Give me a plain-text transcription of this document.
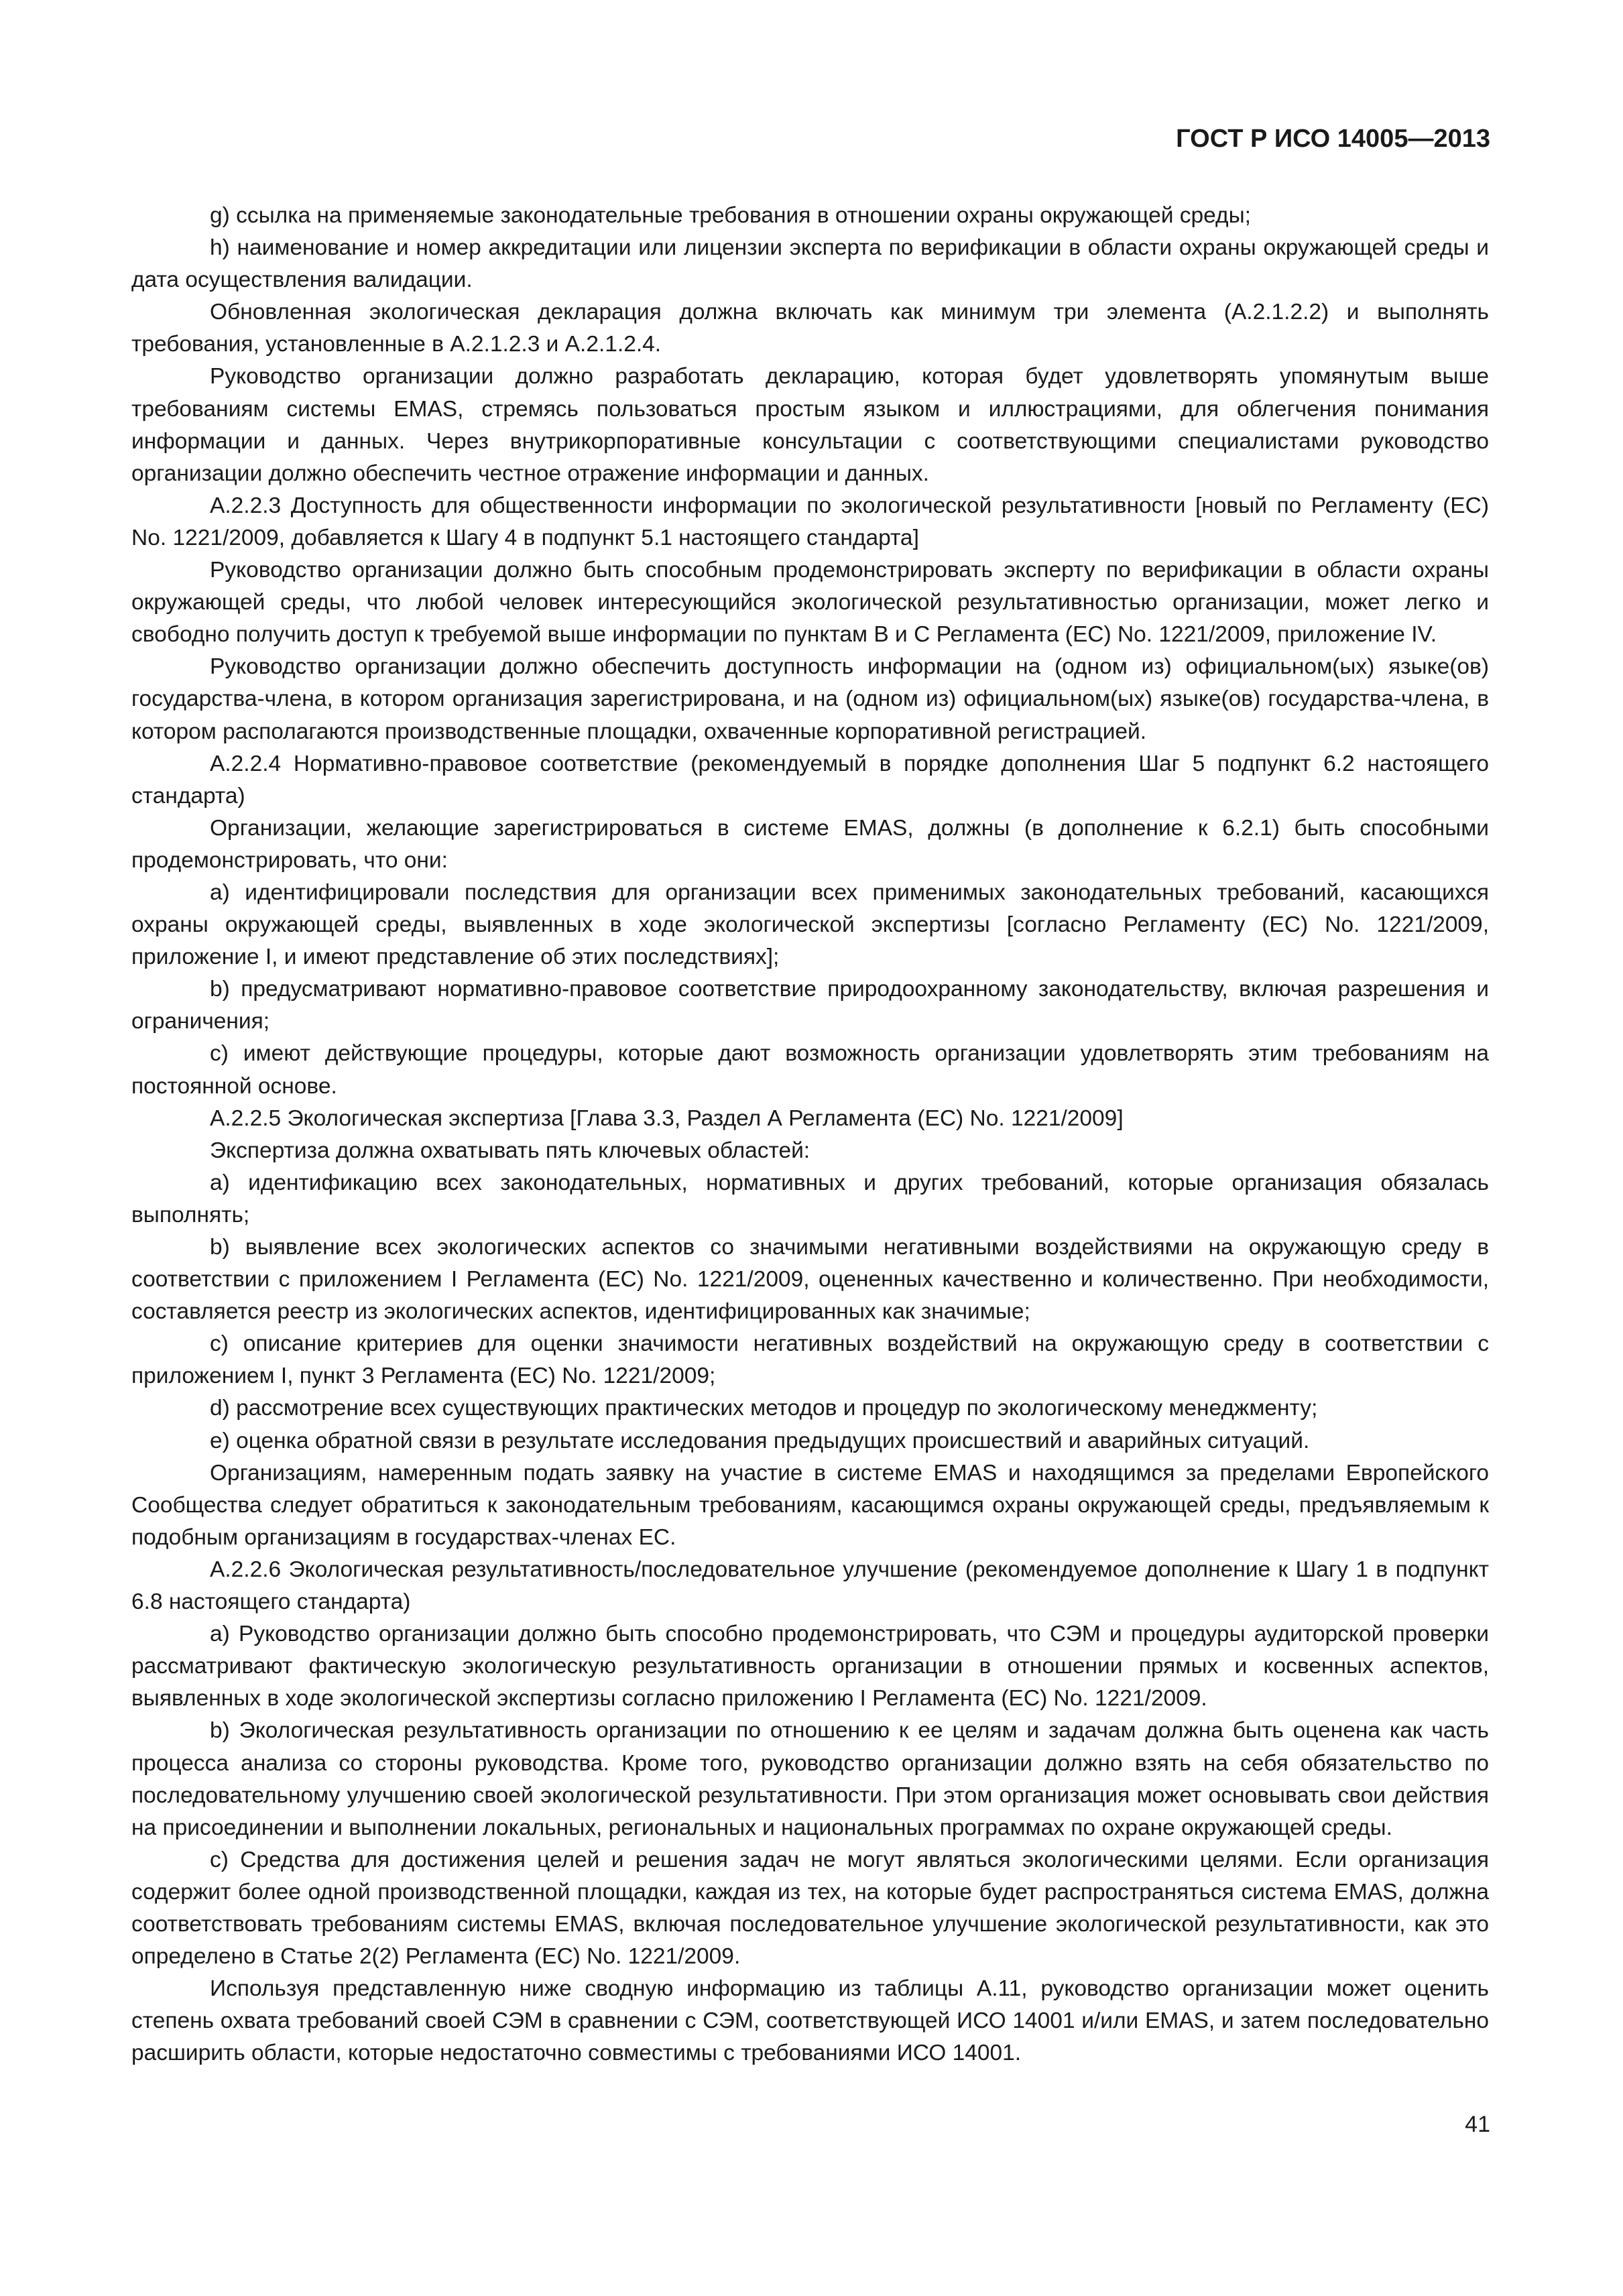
ГОСТ Р ИСО 14005—2013

g) ссылка на применяемые законодательные требования в отношении охраны окружающей среды;

h) наименование и номер аккредитации или лицензии эксперта по верификации в области охраны окружающей среды и дата осуществления валидации.

Обновленная экологическая декларация должна включать как минимум три элемента (А.2.1.2.2) и выполнять требования, установленные в А.2.1.2.3 и А.2.1.2.4.

Руководство организации должно разработать декларацию, которая будет удовлетворять упомянутым выше требованиям системы EMAS, стремясь пользоваться простым языком и иллюстрациями, для облегчения понимания информации и данных. Через внутрикорпоративные консультации с соответствующими специалистами руководство организации должно обеспечить честное отражение информации и данных.

А.2.2.3 Доступность для общественности информации по экологической результативности [новый по Регламенту (ЕС) No. 1221/2009, добавляется к Шагу 4 в подпункт 5.1 настоящего стандарта]

Руководство организации должно быть способным продемонстрировать эксперту по верификации в области охраны окружающей среды, что любой человек интересующийся экологической результативностью организации, может легко и свободно получить доступ к требуемой выше информации по пунктам В и С Регламента (ЕС) No. 1221/2009, приложение IV.

Руководство организации должно обеспечить доступность информации на (одном из) официальном(ых) языке(ов) государства-члена, в котором организация зарегистрирована, и на (одном из) официальном(ых) языке(ов) государства-члена, в котором располагаются производственные площадки, охваченные корпоративной регистрацией.

А.2.2.4 Нормативно-правовое соответствие (рекомендуемый в порядке дополнения Шаг 5 подпункт 6.2 настоящего стандарта)

Организации, желающие зарегистрироваться в системе EMAS, должны (в дополнение к 6.2.1) быть способными продемонстрировать, что они:

а) идентифицировали последствия для организации всех применимых законодательных требований, касающихся охраны окружающей среды, выявленных в ходе экологической экспертизы [согласно Регламенту (ЕС) No. 1221/2009, приложение I, и имеют представление об этих последствиях];

b) предусматривают нормативно-правовое соответствие природоохранному законодательству, включая разрешения и ограничения;

с) имеют действующие процедуры, которые дают возможность организации удовлетворять этим требованиям на постоянной основе.

А.2.2.5 Экологическая экспертиза [Глава 3.3, Раздел А Регламента (ЕС) No. 1221/2009]

Экспертиза должна охватывать пять ключевых областей:

а) идентификацию всех законодательных, нормативных и других требований, которые организация обязалась выполнять;

b) выявление всех экологических аспектов со значимыми негативными воздействиями на окружающую среду в соответствии с приложением I Регламента (ЕС) No. 1221/2009, оцененных качественно и количественно. При необходимости, составляется реестр из экологических аспектов, идентифицированных как значимые;

с) описание критериев для оценки значимости негативных воздействий на окружающую среду в соответствии с приложением I, пункт 3 Регламента (ЕС) No. 1221/2009;

d) рассмотрение всех существующих практических методов и процедур по экологическому менеджменту;

е) оценка обратной связи в результате исследования предыдущих происшествий и аварийных ситуаций.

Организациям, намеренным подать заявку на участие в системе EMAS и находящимся за пределами Европейского Сообщества следует обратиться к законодательным требованиям, касающимся охраны окружающей среды, предъявляемым к подобным организациям в государствах-членах ЕС.

А.2.2.6 Экологическая результативность/последовательное улучшение (рекомендуемое дополнение к Шагу 1 в подпункт 6.8 настоящего стандарта)

а) Руководство организации должно быть способно продемонстрировать, что СЭМ и процедуры аудиторской проверки рассматривают фактическую экологическую результативность организации в отношении прямых и косвенных аспектов, выявленных в ходе экологической экспертизы согласно приложению I Регламента (ЕС) No. 1221/2009.

b) Экологическая результативность организации по отношению к ее целям и задачам должна быть оценена как часть процесса анализа со стороны руководства. Кроме того, руководство организации должно взять на себя обязательство по последовательному улучшению своей экологической результативности. При этом организация может основывать свои действия на присоединении и выполнении локальных, региональных и национальных программах по охране окружающей среды.

с) Средства для достижения целей и решения задач не могут являться экологическими целями. Если организация содержит более одной производственной площадки, каждая из тех, на которые будет распространяться система EMAS, должна соответствовать требованиям системы EMAS, включая последовательное улучшение экологической результативности, как это определено в Статье 2(2) Регламента (ЕС) No. 1221/2009.

Используя представленную ниже сводную информацию из таблицы А.11, руководство организации может оценить степень охвата требований своей СЭМ в сравнении с СЭМ, соответствующей ИСО 14001 и/или EMAS, и затем последовательно расширить области, которые недостаточно совместимы с требованиями ИСО 14001.

41
